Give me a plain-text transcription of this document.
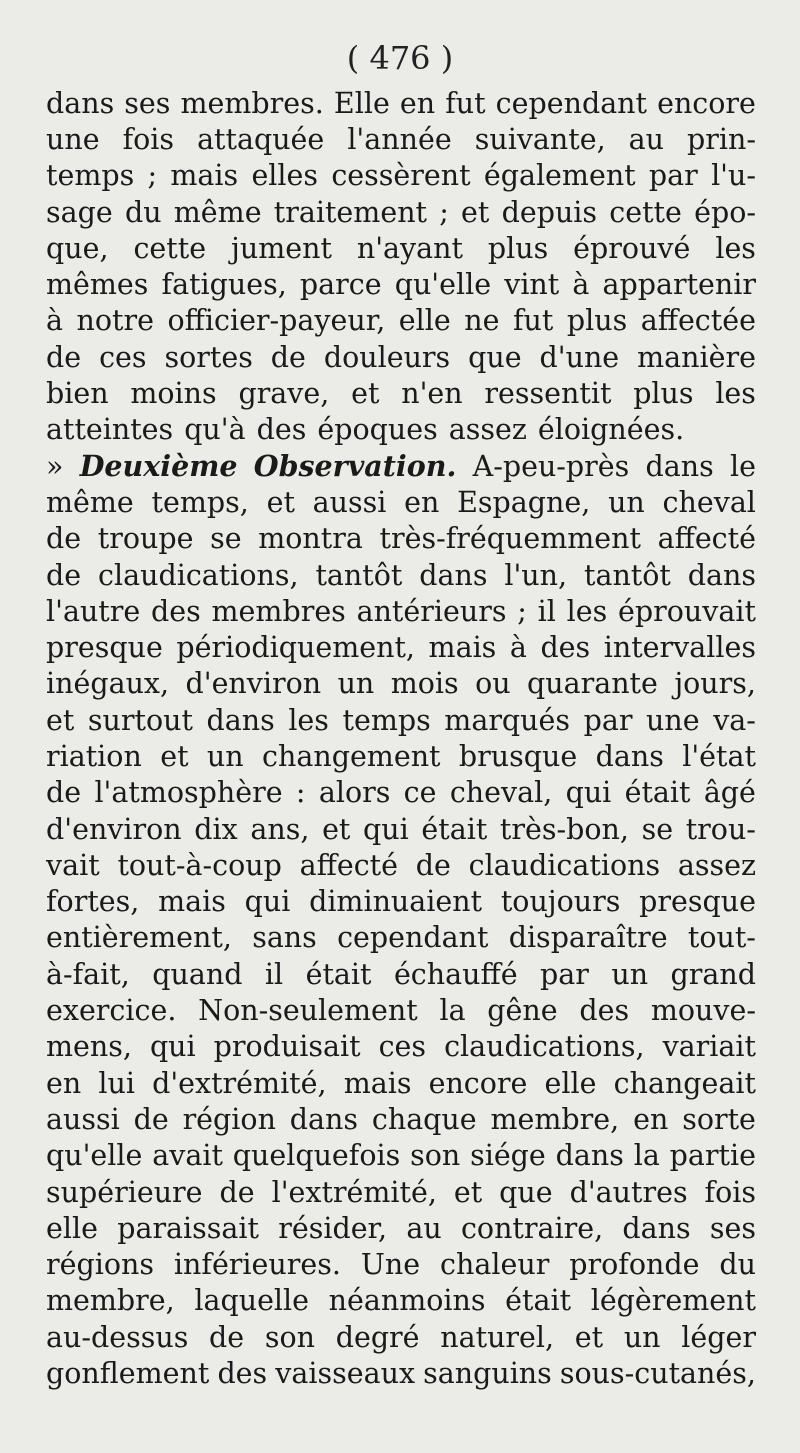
( 476 )
dans ses membres. Elle en fut cependant encore
une fois attaquée l'année suivante, au prin-
temps ; mais elles cessèrent également par l'u-
sage du même traitement ; et depuis cette épo-
que, cette jument n'ayant plus éprouvé les
mêmes fatigues, parce qu'elle vint à appartenir
à notre officier-payeur, elle ne fut plus affectée
de ces sortes de douleurs que d'une manière
bien moins grave, et n'en ressentit plus les
atteintes qu'à des époques assez éloignées.
» Deuxième Observation. A-peu-près dans le
même temps, et aussi en Espagne, un cheval
de troupe se montra très-fréquemment affecté
de claudications, tantôt dans l'un, tantôt dans
l'autre des membres antérieurs ; il les éprouvait
presque périodiquement, mais à des intervalles
inégaux, d'environ un mois ou quarante jours,
et surtout dans les temps marqués par une va-
riation et un changement brusque dans l'état
de l'atmosphère : alors ce cheval, qui était âgé
d'environ dix ans, et qui était très-bon, se trou-
vait tout-à-coup affecté de claudications assez
fortes, mais qui diminuaient toujours presque
entièrement, sans cependant disparaître tout-
à-fait, quand il était échauffé par un grand
exercice. Non-seulement la gêne des mouve-
mens, qui produisait ces claudications, variait
en lui d'extrémité, mais encore elle changeait
aussi de région dans chaque membre, en sorte
qu'elle avait quelquefois son siége dans la partie
supérieure de l'extrémité, et que d'autres fois
elle paraissait résider, au contraire, dans ses
régions inférieures. Une chaleur profonde du
membre, laquelle néanmoins était légèrement
au-dessus de son degré naturel, et un léger
gonflement des vaisseaux sanguins sous-cutanés,
